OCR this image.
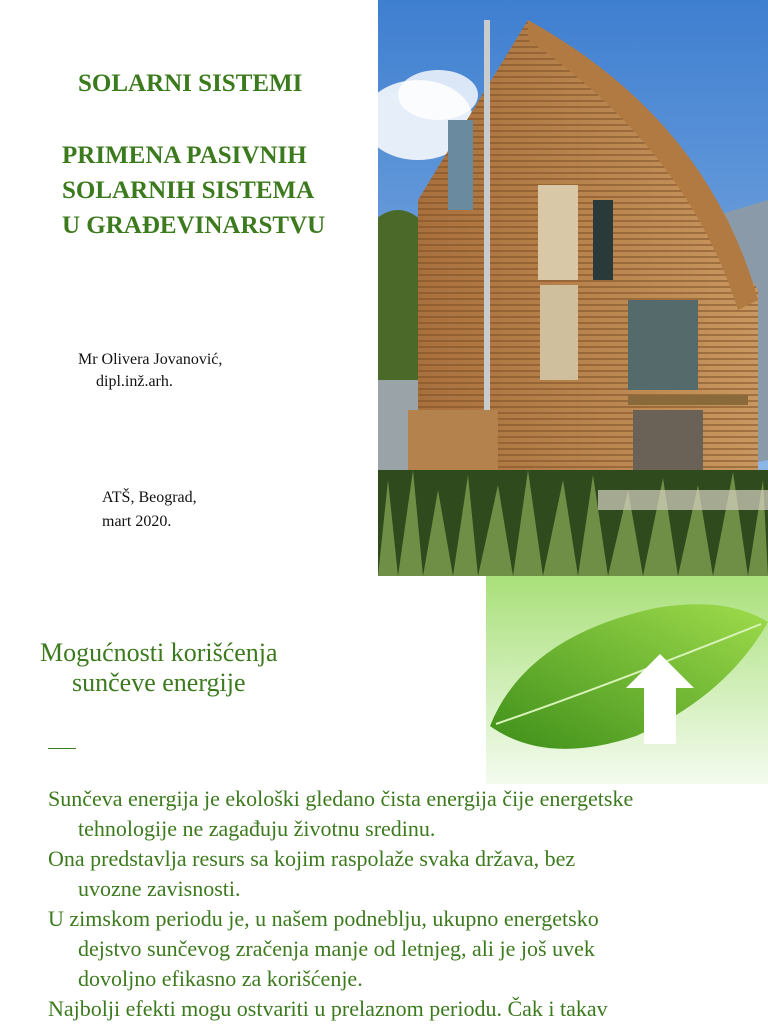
SOLARNI SISTEMI
PRIMENA PASIVNIH
SOLARNIH SISTEMA
U GRAĐEVINARSTVU
Mr Olivera Jovanović,
dipl.inž.arh.
ATŠ, Beograd,
mart 2020.
Mogućnosti korišćenja
sunčeve energije
Sunčeva energija je ekološki gledano čista energija čije energetske
tehnologije ne zagađuju životnu sredinu.
Ona predstavlja resurs sa kojim raspolaže svaka država, bez
uvozne zavisnosti.
U zimskom periodu je, u našem podneblju, ukupno energetsko
dejstvo sunčevog zračenja manje od letnjeg, ali je još uvek
dovoljno efikasno za korišćenje.
Najbolji efekti mogu ostvariti u prelaznom periodu. Čak i takav
